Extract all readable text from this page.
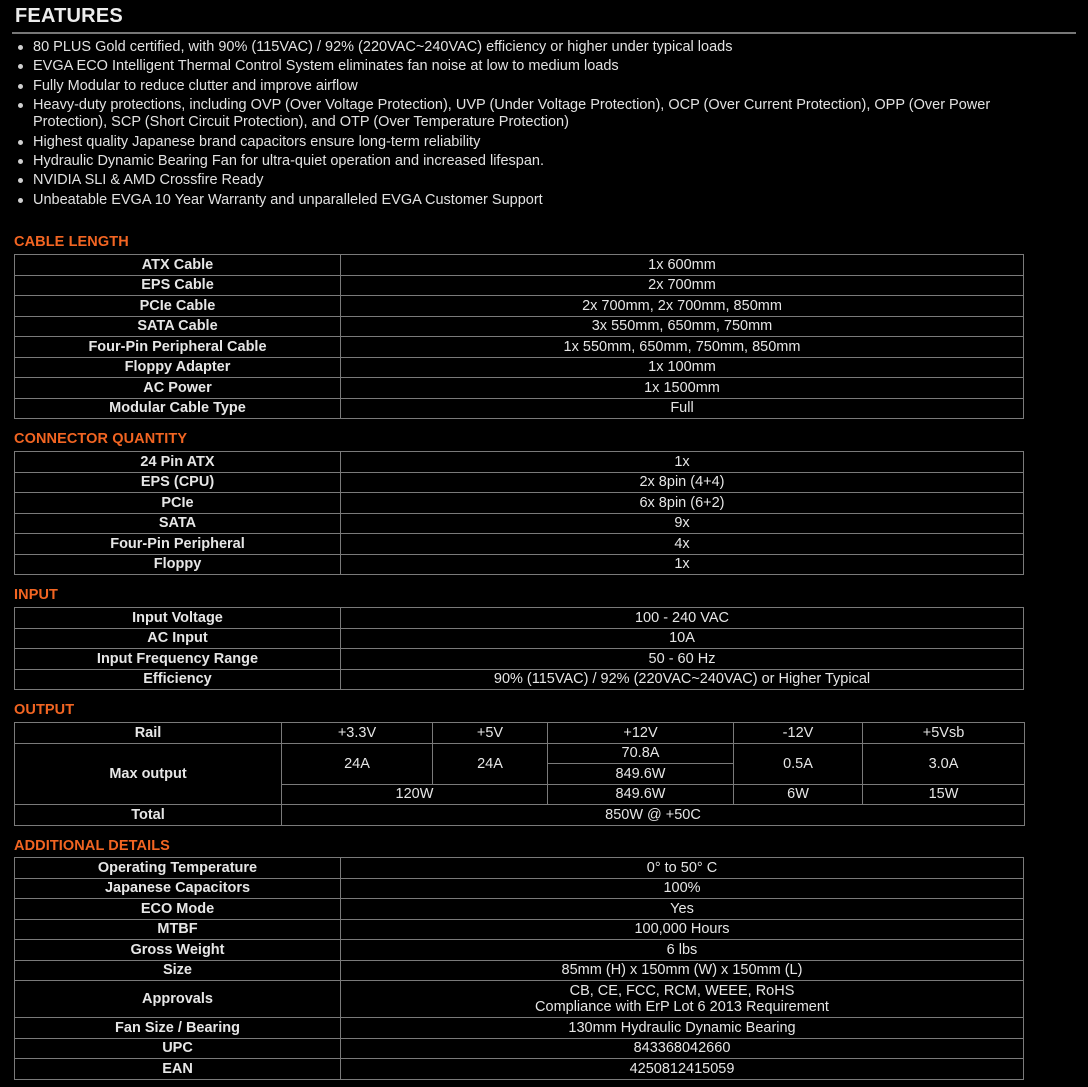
FEATURES
80 PLUS Gold certified, with 90% (115VAC) / 92% (220VAC~240VAC) efficiency or higher under typical loads
EVGA ECO Intelligent Thermal Control System eliminates fan noise at low to medium loads
Fully Modular to reduce clutter and improve airflow
Heavy-duty protections, including OVP (Over Voltage Protection), UVP (Under Voltage Protection), OCP (Over Current Protection), OPP (Over Power Protection), SCP (Short Circuit Protection), and OTP (Over Temperature Protection)
Highest quality Japanese brand capacitors ensure long-term reliability
Hydraulic Dynamic Bearing Fan for ultra-quiet operation and increased lifespan.
NVIDIA SLI & AMD Crossfire Ready
Unbeatable EVGA 10 Year Warranty and unparalleled EVGA Customer Support
CABLE LENGTH
ATX Cable	1x 600mm
EPS Cable	2x 700mm
PCIe Cable	2x 700mm, 2x 700mm, 850mm
SATA Cable	3x 550mm, 650mm, 750mm
Four-Pin Peripheral Cable	1x 550mm, 650mm, 750mm, 850mm
Floppy Adapter	1x 100mm
AC Power	1x 1500mm
Modular Cable Type	Full
CONNECTOR QUANTITY
24 Pin ATX	1x
EPS (CPU)	2x 8pin (4+4)
PCIe	6x 8pin (6+2)
SATA	9x
Four-Pin Peripheral	4x
Floppy	1x
INPUT
Input Voltage	100 - 240 VAC
AC Input	10A
Input Frequency Range	50 - 60 Hz
Efficiency	90% (115VAC) / 92% (220VAC~240VAC) or Higher Typical
OUTPUT
Rail	+3.3V	+5V	+12V	-12V	+5Vsb
Max output	24A	24A	70.8A	0.5A	3.0A
			849.6W		
	120W		849.6W	6W	15W
Total	850W @ +50C				
ADDITIONAL DETAILS
Operating Temperature	0° to 50° C
Japanese Capacitors	100%
ECO Mode	Yes
MTBF	100,000 Hours
Gross Weight	6 lbs
Size	85mm (H) x 150mm (W) x 150mm (L)
Approvals	CB, CE, FCC, RCM, WEEE, RoHS
Compliance with ErP Lot 6 2013 Requirement

Fan Size / Bearing	130mm Hydraulic Dynamic Bearing
UPC	843368042660
EAN	4250812415059
